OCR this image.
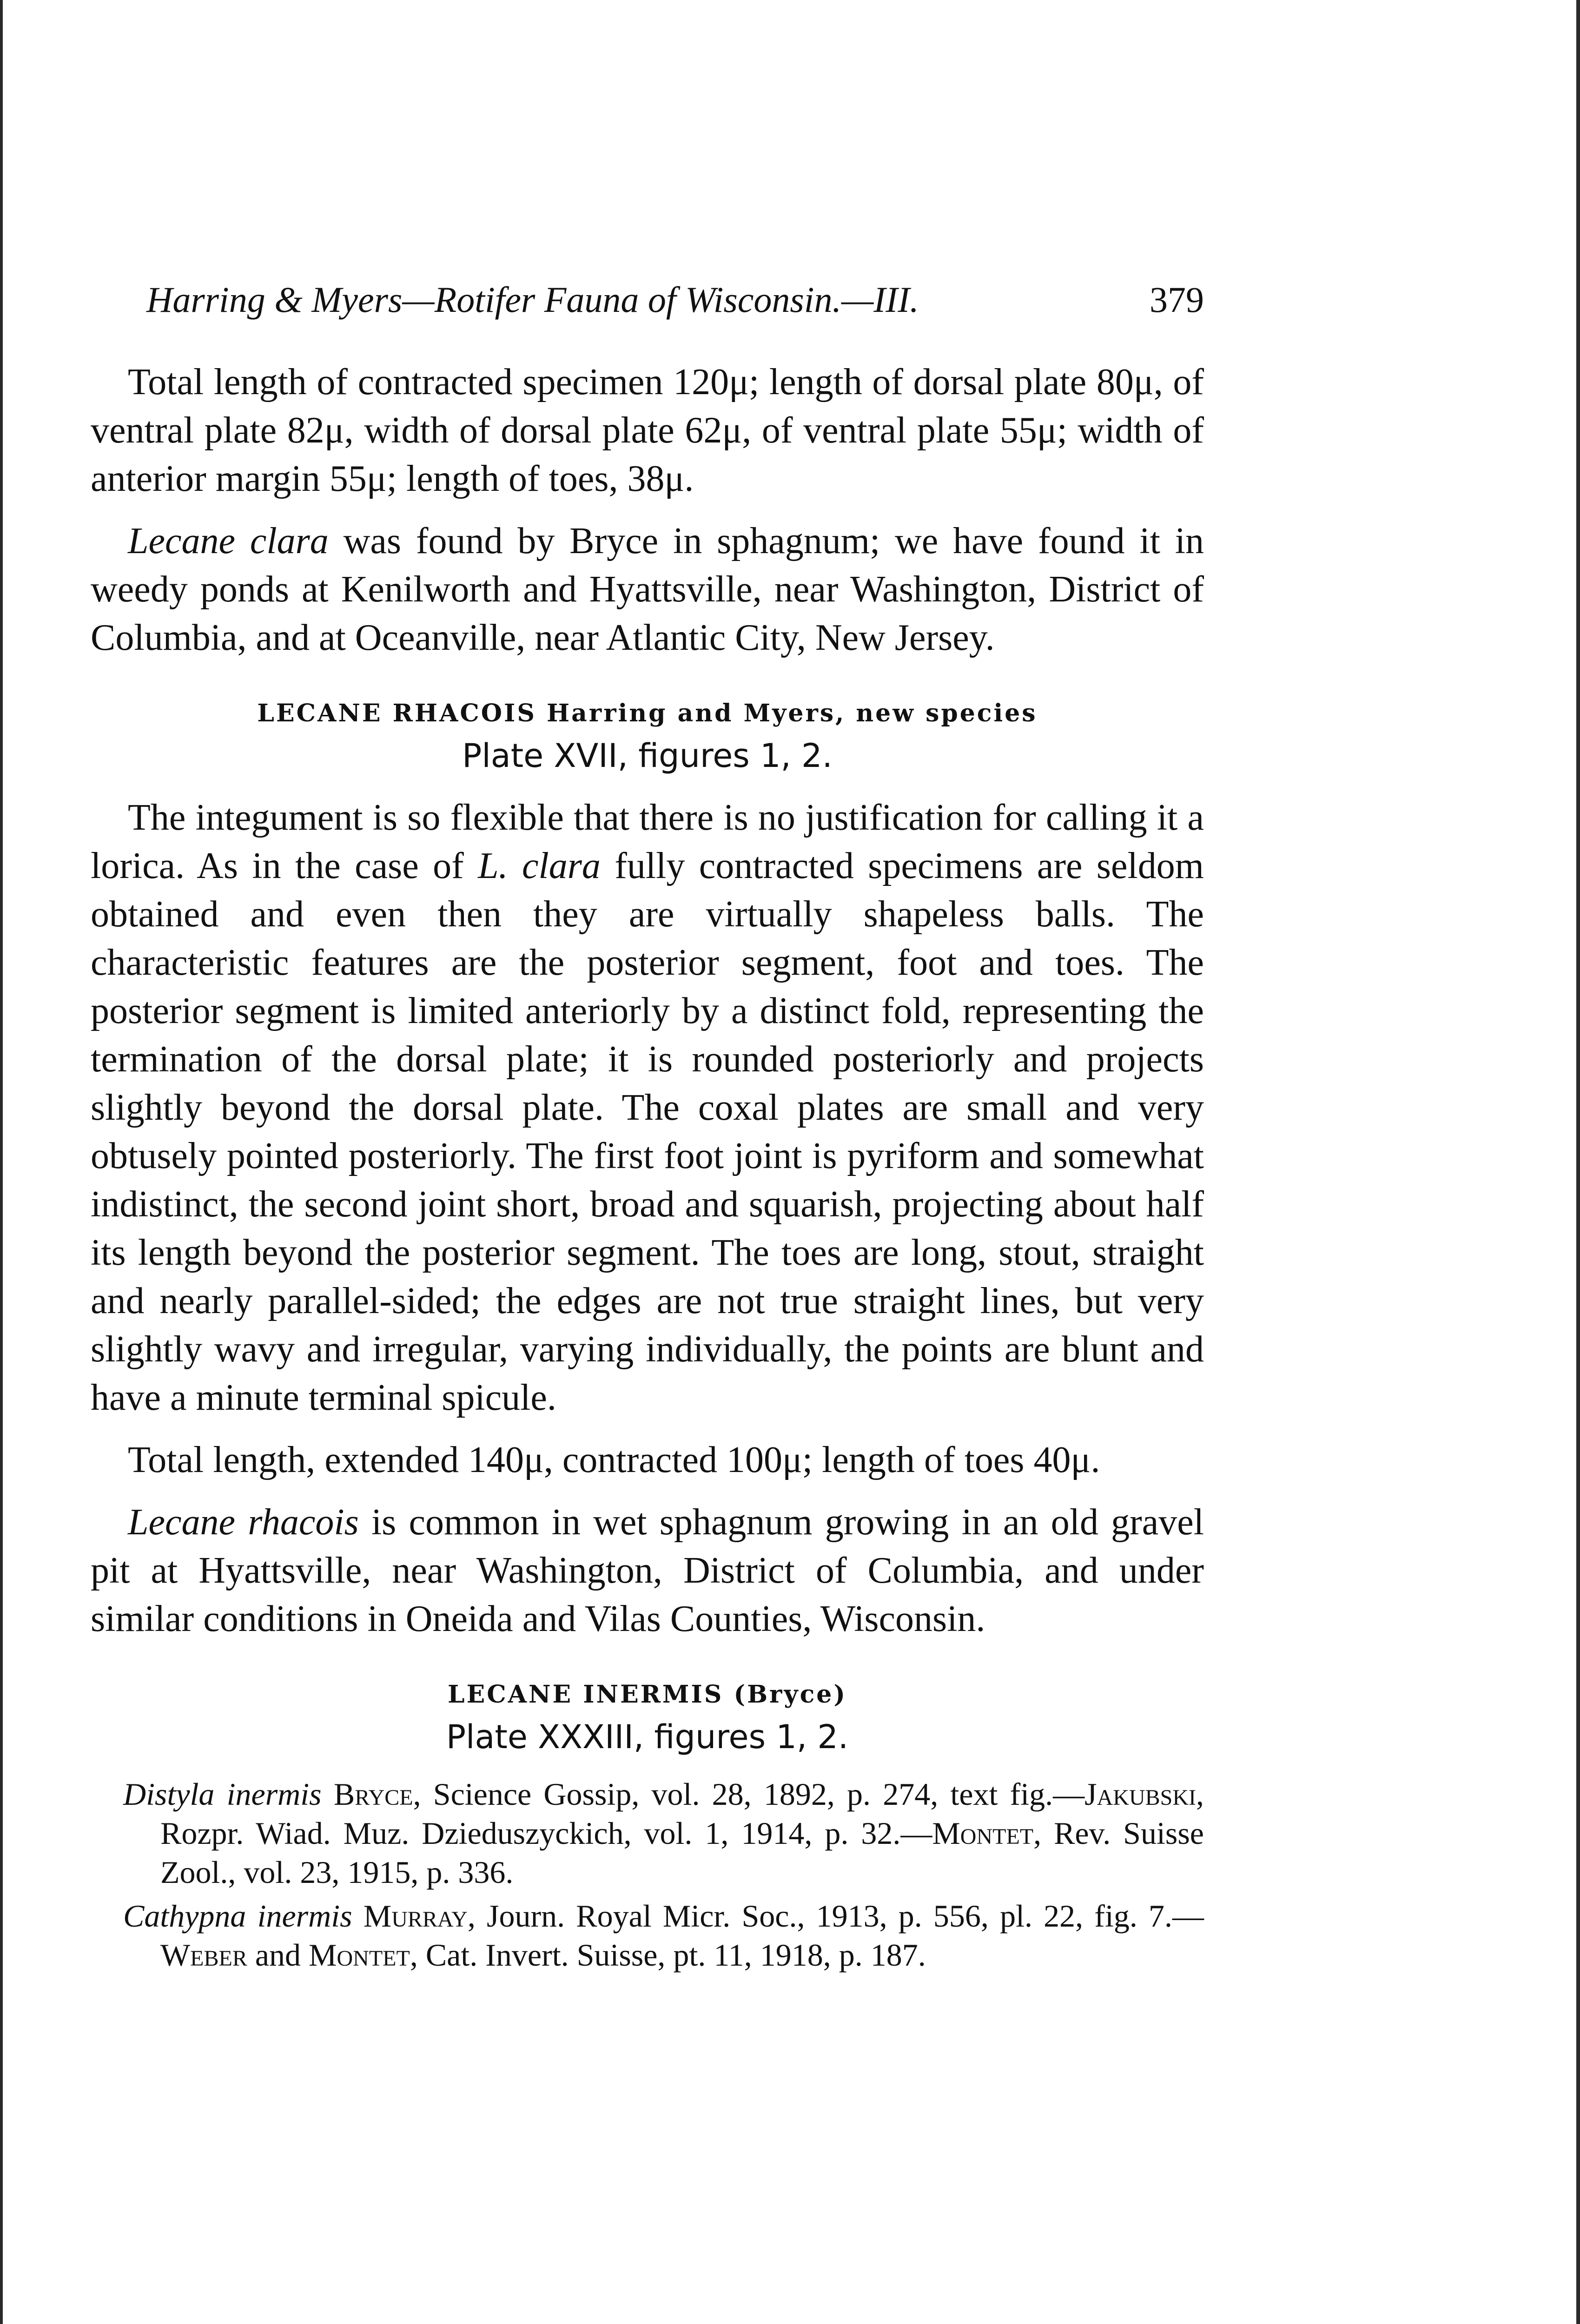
Harring & Myers—Rotifer Fauna of Wisconsin.—III.	379

Total length of contracted specimen 120μ; length of dorsal plate 80μ, of ventral plate 82μ, width of dorsal plate 62μ, of ventral plate 55μ; width of anterior margin 55μ; length of toes, 38μ.

Lecane clara was found by Bryce in sphagnum; we have found it in weedy ponds at Kenilworth and Hyattsville, near Washington, District of Columbia, and at Oceanville, near Atlantic City, New Jersey.

LECANE RHACOIS Harring and Myers, new species
Plate XVII, figures 1, 2.

The integument is so flexible that there is no justification for calling it a lorica. As in the case of L. clara fully contracted specimens are seldom obtained and even then they are virtually shapeless balls. The characteristic features are the posterior segment, foot and toes. The posterior segment is limited anteriorly by a distinct fold, representing the termination of the dorsal plate; it is rounded posteriorly and projects slightly beyond the dorsal plate. The coxal plates are small and very obtusely pointed posteriorly. The first foot joint is pyriform and somewhat indistinct, the second joint short, broad and squarish, projecting about half its length beyond the posterior segment. The toes are long, stout, straight and nearly parallel-sided; the edges are not true straight lines, but very slightly wavy and irregular, varying individually, the points are blunt and have a minute terminal spicule.

Total length, extended 140μ, contracted 100μ; length of toes 40μ.

Lecane rhacois is common in wet sphagnum growing in an old gravel pit at Hyattsville, near Washington, District of Columbia, and under similar conditions in Oneida and Vilas Counties, Wisconsin.

LECANE INERMIS (Bryce)
Plate XXXIII, figures 1, 2.

Distyla inermis Bryce, Science Gossip, vol. 28, 1892, p. 274, text fig.—Jakubski, Rozpr. Wiad. Muz. Dzieduszyckich, vol. 1, 1914, p. 32.—Montet, Rev. Suisse Zool., vol. 23, 1915, p. 336.

Cathypna inermis Murray, Journ. Royal Micr. Soc., 1913, p. 556, pl. 22, fig. 7.—Weber and Montet, Cat. Invert. Suisse, pt. 11, 1918, p. 187.
